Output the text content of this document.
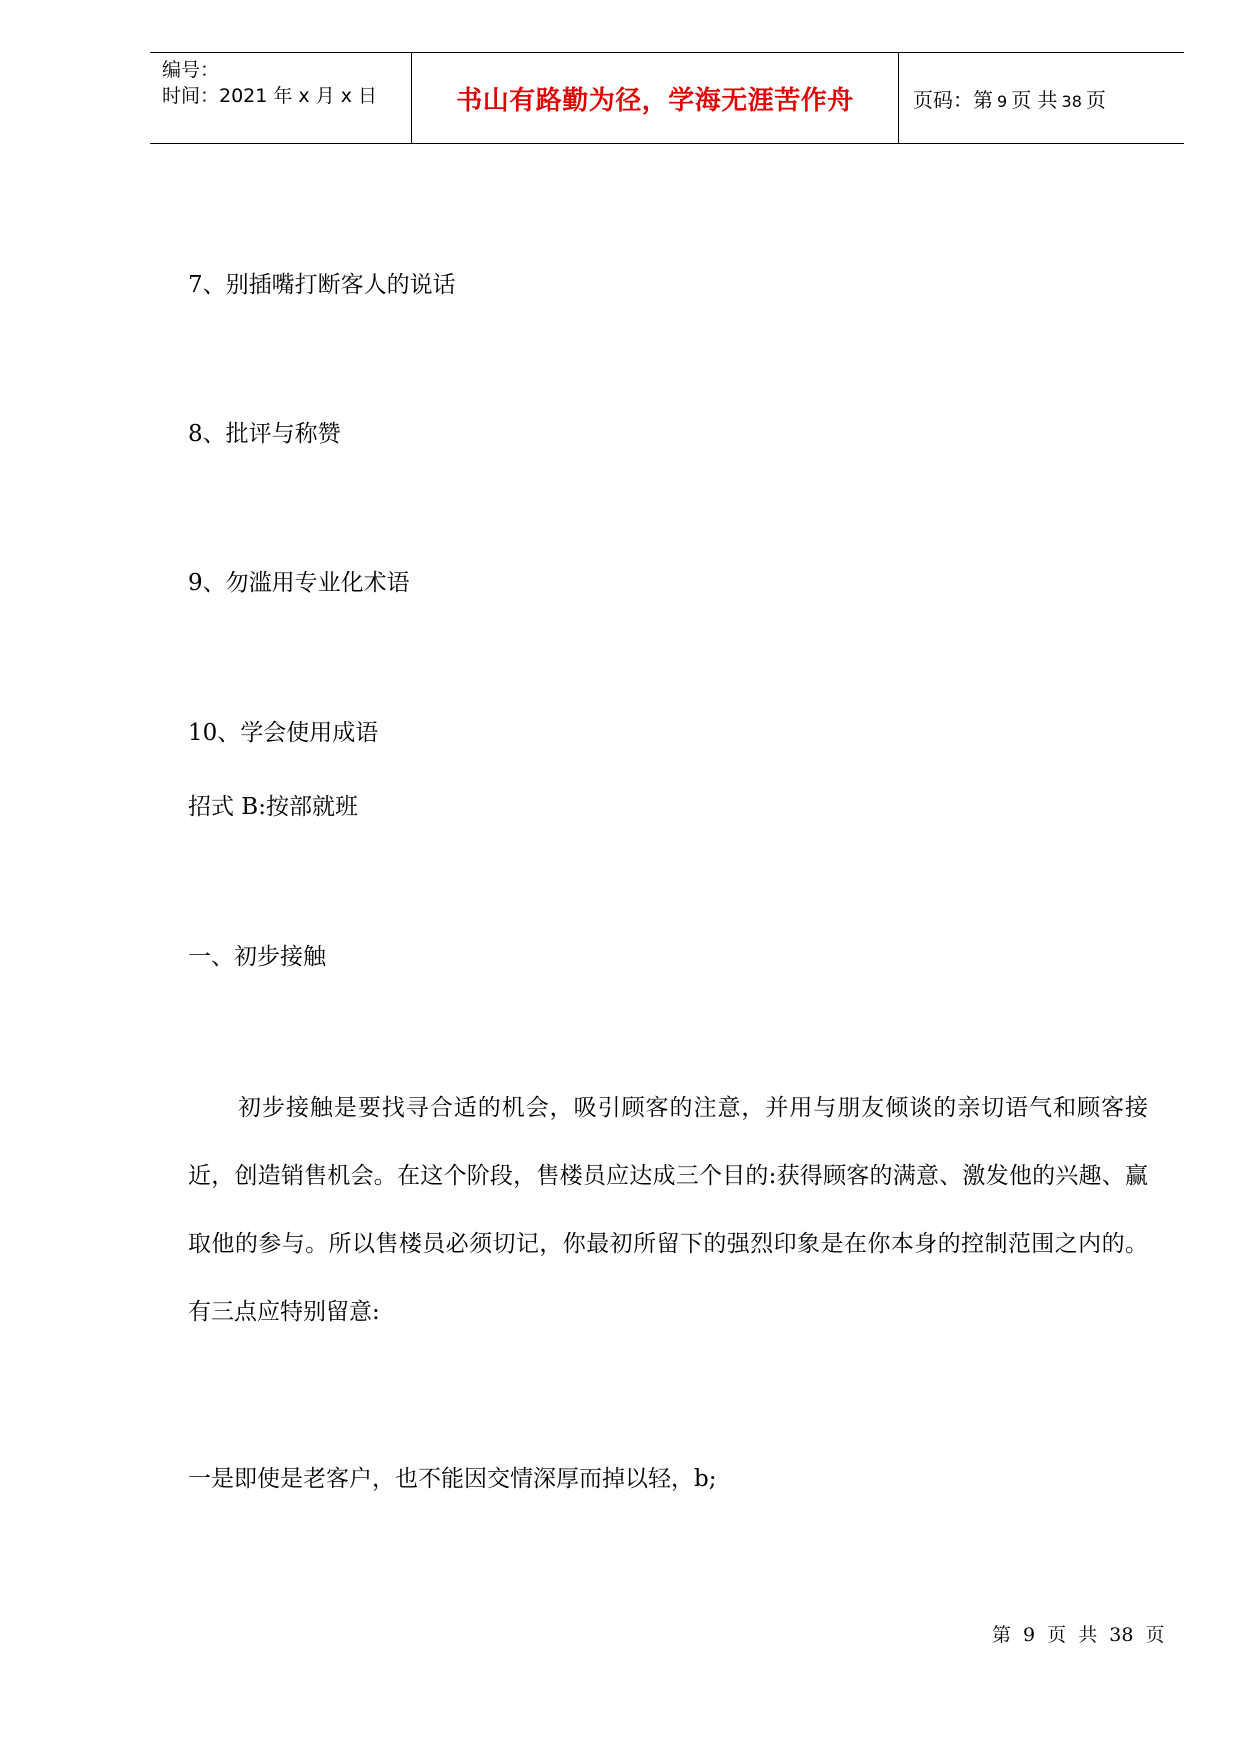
编号：
时间：2021 年 x 月 x 日	书山有路勤为径，学海无涯苦作舟	页码：第 9 页 共 38 页
7、别插嘴打断客人的说话
8、批评与称赞
9、勿滥用专业化术语
10、学会使用成语
招式 B:按部就班
一、初步接触
初步接触是要找寻合适的机会，吸引顾客的注意，并用与朋友倾谈的亲切语气和顾客接近，创造销售机会。在这个阶段，售楼员应达成三个目的:获得顾客的满意、激发他的兴趣、赢取他的参与。所以售楼员必须切记，你最初所留下的强烈印象是在你本身的控制范围之内的。有三点应特别留意:
一是即使是老客户，也不能因交情深厚而掉以轻，b;
第 9 页 共 38 页
